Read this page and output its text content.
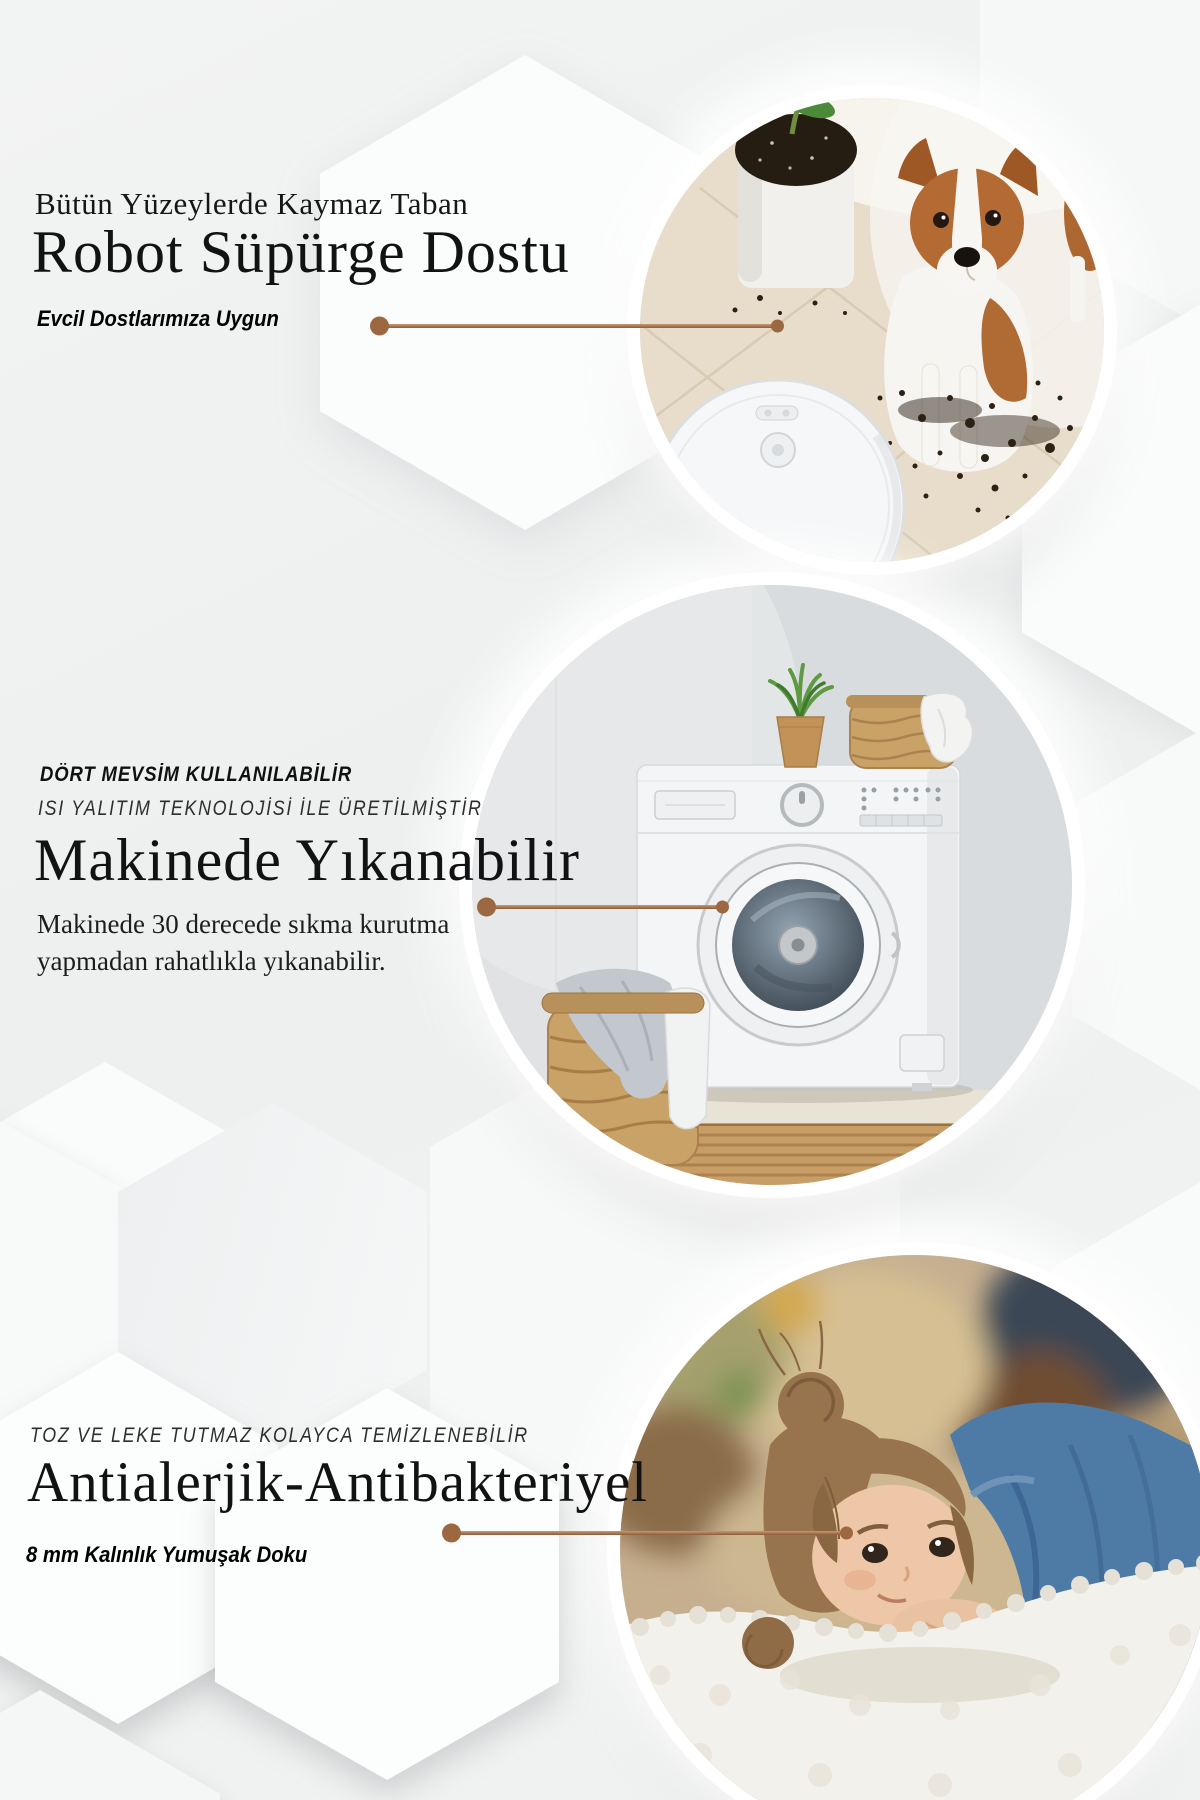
Bütün Yüzeylerde Kaymaz Taban
Robot Süpürge Dostu
Evcil Dostlarımıza Uygun
DÖRT MEVSİM KULLANILABİLİR
ISI YALITIM TEKNOLOJİSİ İLE ÜRETİLMİŞTİR
Makinede Yıkanabilir
Makinede 30 derecede sıkma kurutma yapmadan rahatlıkla yıkanabilir.
TOZ VE LEKE TUTMAZ KOLAYCA TEMİZLENEBİLİR
Antialerjik-Antibakteriyel
8 mm Kalınlık Yumuşak Doku
